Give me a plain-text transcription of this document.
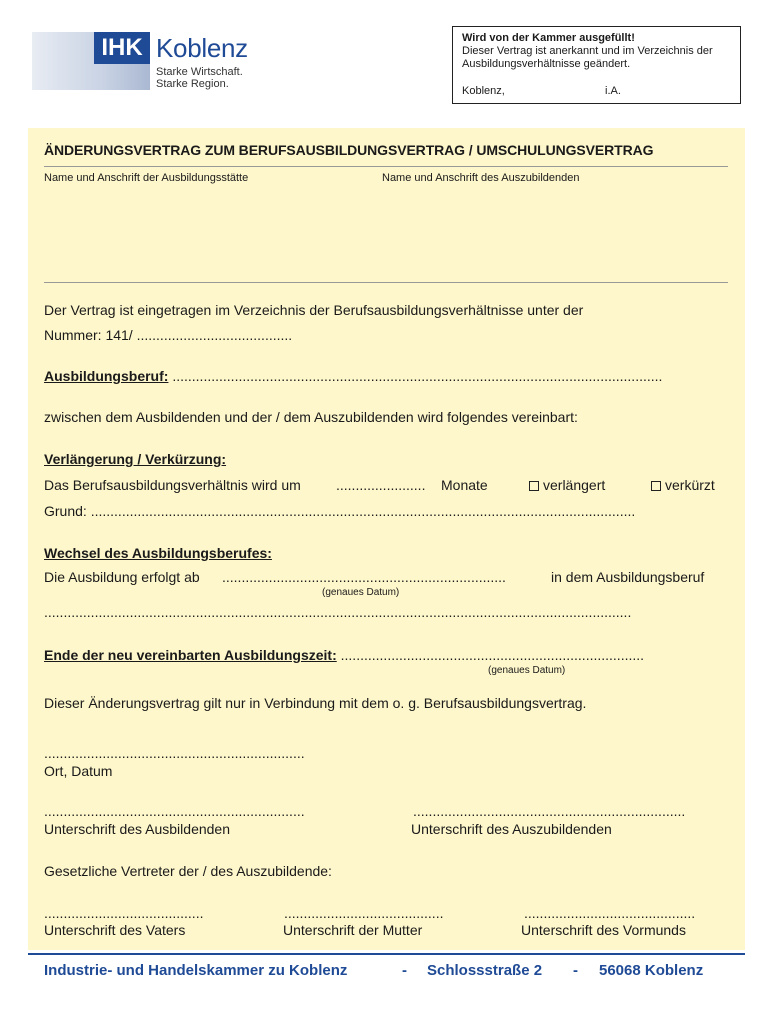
IHK Koblenz
Starke Wirtschaft.
Starke Region.
Wird von der Kammer ausgefüllt!
Dieser Vertrag ist anerkannt und im Verzeichnis der
Ausbildungsverhältnisse geändert.
Koblenz,	i.A.
ÄNDERUNGSVERTRAG ZUM BERUFSAUSBILDUNGSVERTRAG / UMSCHULUNGSVERTRAG
Name und Anschrift der Ausbildungsstätte	Name und Anschrift des Auszubildenden
Der Vertrag ist eingetragen im Verzeichnis der Berufsausbildungsverhältnisse unter der
Nummer: 141/ ........................................
Ausbildungsberuf: ..............................................................................................................................
zwischen dem Ausbildenden und der / dem Auszubildenden wird folgendes vereinbart:
Verlängerung / Verkürzung:
Das Berufsausbildungsverhältnis wird um	....................... Monate	verlängert	verkürzt
Grund: ............................................................................................................................................
Wechsel des Ausbildungsberufes:
Die Ausbildung erfolgt ab .........................................................................	in dem Ausbildungsberuf
(genaues Datum)
.......................................................................................................................................................
Ende der neu vereinbarten Ausbildungszeit: ..............................................................................
(genaues Datum)
Dieser Änderungsvertrag gilt nur in Verbindung mit dem o. g. Berufsausbildungsvertrag.
...................................................................
Ort, Datum
...................................................................
Unterschrift des Ausbildenden
......................................................................
Unterschrift des Auszubildenden
Gesetzliche Vertreter der / des Auszubildende:
.........................................
Unterschrift des Vaters
.........................................
Unterschrift der Mutter
............................................
Unterschrift des Vormunds
Industrie- und Handelskammer zu Koblenz	- Schlossstraße 2 - 56068 Koblenz
